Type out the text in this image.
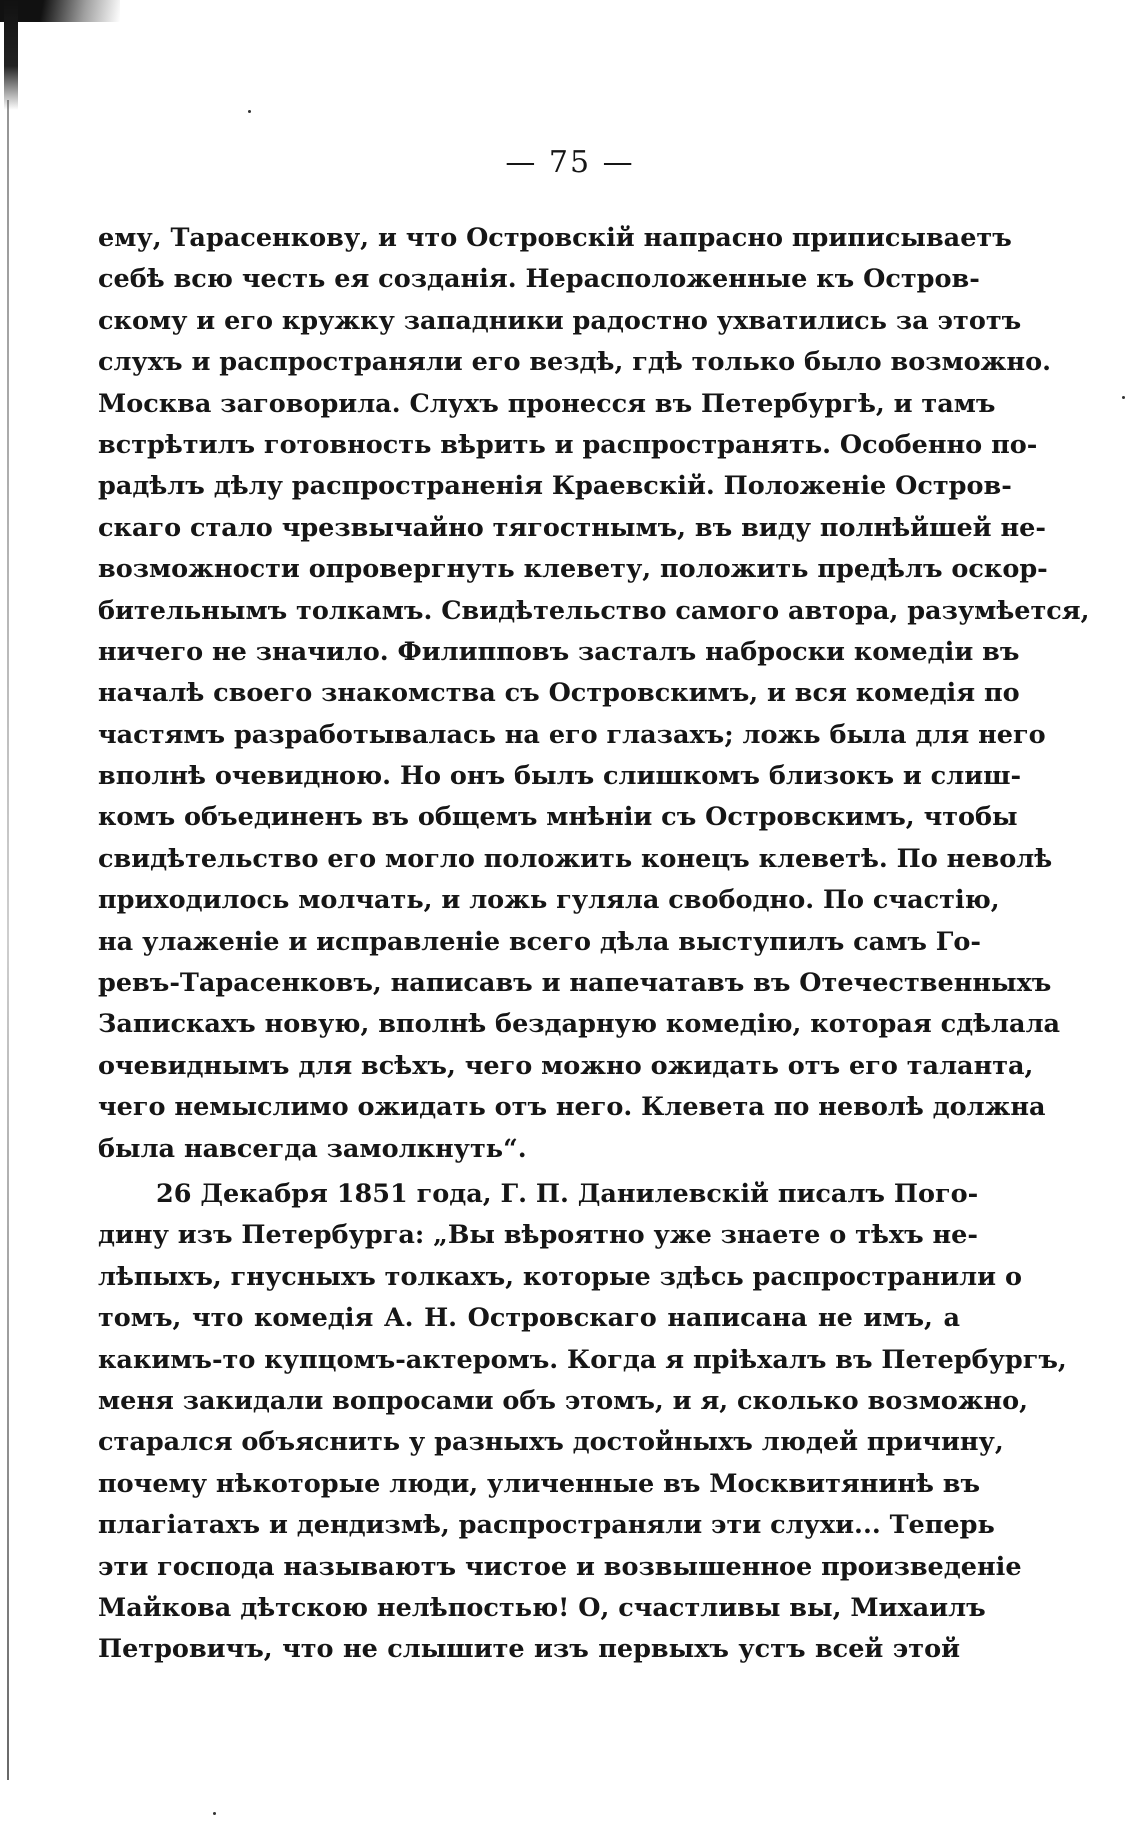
— 75 —
ему, Тарасенкову, и что Островскій напрасно приписываетъ
себѣ всю честь ея созданія. Нерасположенные къ Остров-
скому и его кружку западники радостно ухватились за этотъ
слухъ и распространяли его вездѣ, гдѣ только было возможно.
Москва заговорила. Слухъ пронесся въ Петербургѣ, и тамъ
встрѣтилъ готовность вѣрить и распространять. Особенно по-
радѣлъ дѣлу распространенія Краевскій. Положеніе Остров-
скаго стало чрезвычайно тягостнымъ, въ виду полнѣйшей не-
возможности опровергнуть клевету, положить предѣлъ оскор-
бительнымъ толкамъ. Свидѣтельство самого автора, разумѣется,
ничего не значило. Филипповъ засталъ наброски комедіи въ
началѣ своего знакомства съ Островскимъ, и вся комедія по
частямъ разработывалась на его глазахъ; ложь была для него
вполнѣ очевидною. Но онъ былъ слишкомъ близокъ и слиш-
комъ объединенъ въ общемъ мнѣніи съ Островскимъ, чтобы
свидѣтельство его могло положить конецъ клеветѣ. По неволѣ
приходилось молчать, и ложь гуляла свободно. По счастію,
на улаженіе и исправленіе всего дѣла выступилъ самъ Го-
ревъ-Тарасенковъ, написавъ и напечатавъ въ Отечественныхъ
Запискахъ новую, вполнѣ бездарную комедію, которая сдѣлала
очевиднымъ для всѣхъ, чего можно ожидать отъ его таланта,
чего немыслимо ожидать отъ него. Клевета по неволѣ должна
была навсегда замолкнуть“.
26 Декабря 1851 года, Г. П. Данилевскій писалъ Пого-
дину изъ Петербурга: „Вы вѣроятно уже знаете о тѣхъ не-
лѣпыхъ, гнусныхъ толкахъ, которые здѣсь распространили о
томъ, что комедія А. Н. Островскаго написана не имъ, а
какимъ-то купцомъ-актеромъ. Когда я пріѣхалъ въ Петербургъ,
меня закидали вопросами объ этомъ, и я, сколько возможно,
старался объяснить у разныхъ достойныхъ людей причину,
почему нѣкоторые люди, уличенные въ Москвитянинѣ въ
плагіатахъ и дендизмѣ, распространяли эти слухи... Теперь
эти господа называютъ чистое и возвышенное произведеніе
Майкова дѣтскою нелѣпостью! О, счастливы вы, Михаилъ
Петровичъ, что не слышите изъ первыхъ устъ всей этой
